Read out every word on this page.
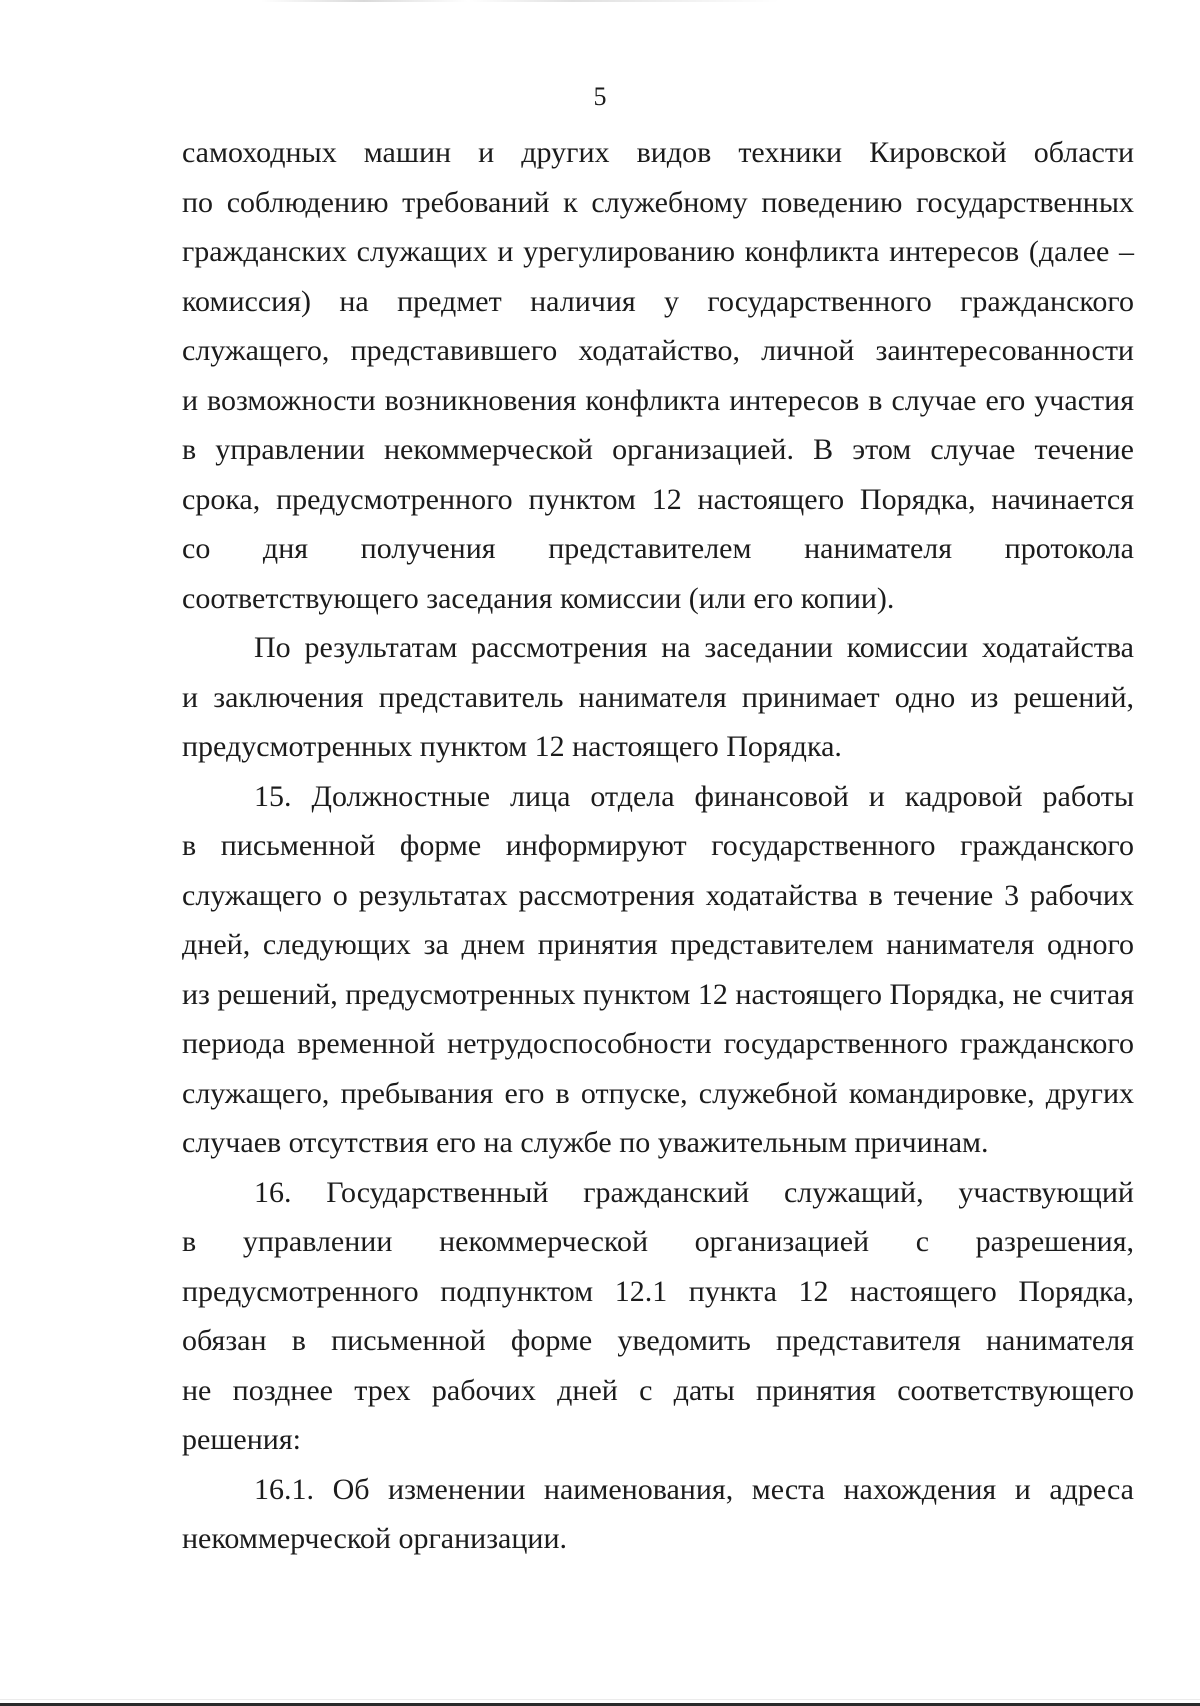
5

самоходных машин и других видов техники Кировской области
по соблюдению требований к служебному поведению государственных
гражданских служащих и урегулированию конфликта интересов (далее –
комиссия) на предмет наличия у государственного гражданского
служащего, представившего ходатайство, личной заинтересованности
и возможности возникновения конфликта интересов в случае его участия
в управлении некоммерческой организацией. В этом случае течение
срока, предусмотренного пунктом 12 настоящего Порядка, начинается
со дня получения представителем нанимателя протокола
соответствующего заседания комиссии (или его копии).

По результатам рассмотрения на заседании комиссии ходатайства
и заключения представитель нанимателя принимает одно из решений,
предусмотренных пунктом 12 настоящего Порядка.

15. Должностные лица отдела финансовой и кадровой работы
в письменной форме информируют государственного гражданского
служащего о результатах рассмотрения ходатайства в течение 3 рабочих
дней, следующих за днем принятия представителем нанимателя одного
из решений, предусмотренных пунктом 12 настоящего Порядка, не считая
периода временной нетрудоспособности государственного гражданского
служащего, пребывания его в отпуске, служебной командировке, других
случаев отсутствия его на службе по уважительным причинам.

16. Государственный гражданский служащий, участвующий
в управлении некоммерческой организацией с разрешения,
предусмотренного подпунктом 12.1 пункта 12 настоящего Порядка,
обязан в письменной форме уведомить представителя нанимателя
не позднее трех рабочих дней с даты принятия соответствующего
решения:

16.1. Об изменении наименования, места нахождения и адреса
некоммерческой организации.
